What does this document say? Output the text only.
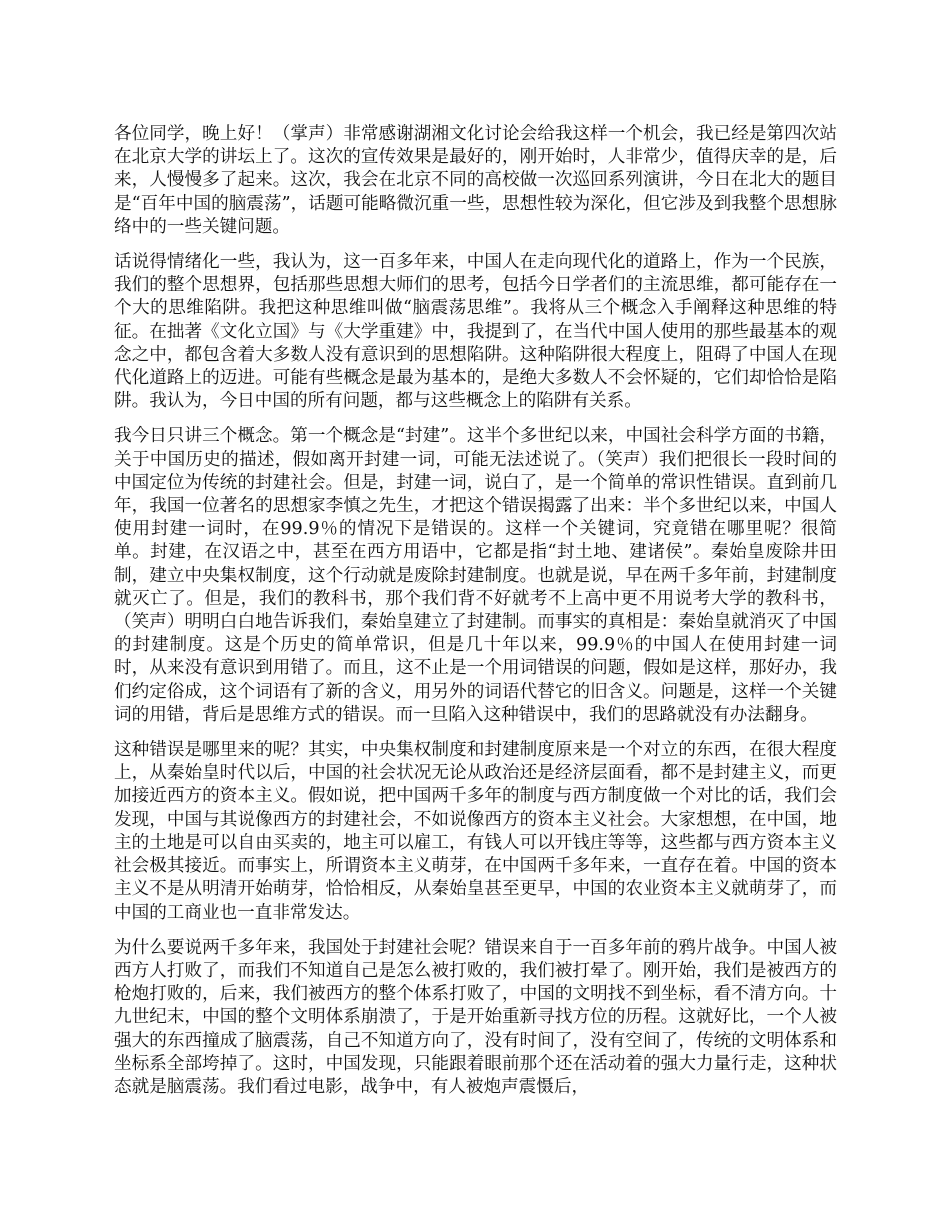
各位同学，晚上好！（掌声）非常感谢湖湘文化讨论会给我这样一个机会，我已经是第四次站在北京大学的讲坛上了。这次的宣传效果是最好的，刚开始时，人非常少，值得庆幸的是，后来，人慢慢多了起来。这次，我会在北京不同的高校做一次巡回系列演讲，今日在北大的题目是“百年中国的脑震荡”，话题可能略微沉重一些，思想性较为深化，但它涉及到我整个思想脉络中的一些关键问题。

话说得情绪化一些，我认为，这一百多年来，中国人在走向现代化的道路上，作为一个民族，我们的整个思想界，包括那些思想大师们的思考，包括今日学者们的主流思维，都可能存在一个大的思维陷阱。我把这种思维叫做“脑震荡思维”。我将从三个概念入手阐释这种思维的特征。在拙著《文化立国》与《大学重建》中，我提到了，在当代中国人使用的那些最基本的观念之中，都包含着大多数人没有意识到的思想陷阱。这种陷阱很大程度上，阻碍了中国人在现代化道路上的迈进。可能有些概念是最为基本的，是绝大多数人不会怀疑的，它们却恰恰是陷阱。我认为，今日中国的所有问题，都与这些概念上的陷阱有关系。

我今日只讲三个概念。第一个概念是“封建”。这半个多世纪以来，中国社会科学方面的书籍，关于中国历史的描述，假如离开封建一词，可能无法述说了。（笑声）我们把很长一段时间的中国定位为传统的封建社会。但是，封建一词，说白了，是一个简单的常识性错误。直到前几年，我国一位著名的思想家李慎之先生，才把这个错误揭露了出来：半个多世纪以来，中国人使用封建一词时，在99.9％的情况下是错误的。这样一个关键词，究竟错在哪里呢？很简单。封建，在汉语之中，甚至在西方用语中，它都是指“封土地、建诸侯”。秦始皇废除井田制，建立中央集权制度，这个行动就是废除封建制度。也就是说，早在两千多年前，封建制度就灭亡了。但是，我们的教科书，那个我们背不好就考不上高中更不用说考大学的教科书，（笑声）明明白白地告诉我们，秦始皇建立了封建制。而事实的真相是：秦始皇就消灭了中国的封建制度。这是个历史的简单常识，但是几十年以来，99.9％的中国人在使用封建一词时，从来没有意识到用错了。而且，这不止是一个用词错误的问题，假如是这样，那好办，我们约定俗成，这个词语有了新的含义，用另外的词语代替它的旧含义。问题是，这样一个关键词的用错，背后是思维方式的错误。而一旦陷入这种错误中，我们的思路就没有办法翻身。

这种错误是哪里来的呢？其实，中央集权制度和封建制度原来是一个对立的东西，在很大程度上，从秦始皇时代以后，中国的社会状况无论从政治还是经济层面看，都不是封建主义，而更加接近西方的资本主义。假如说，把中国两千多年的制度与西方制度做一个对比的话，我们会发现，中国与其说像西方的封建社会，不如说像西方的资本主义社会。大家想想，在中国，地主的土地是可以自由买卖的，地主可以雇工，有钱人可以开钱庄等等，这些都与西方资本主义社会极其接近。而事实上，所谓资本主义萌芽，在中国两千多年来，一直存在着。中国的资本主义不是从明清开始萌芽，恰恰相反，从秦始皇甚至更早，中国的农业资本主义就萌芽了，而中国的工商业也一直非常发达。

为什么要说两千多年来，我国处于封建社会呢？错误来自于一百多年前的鸦片战争。中国人被西方人打败了，而我们不知道自己是怎么被打败的，我们被打晕了。刚开始，我们是被西方的枪炮打败的，后来，我们被西方的整个体系打败了，中国的文明找不到坐标，看不清方向。十九世纪末，中国的整个文明体系崩溃了，于是开始重新寻找方位的历程。这就好比，一个人被强大的东西撞成了脑震荡，自己不知道方向了，没有时间了，没有空间了，传统的文明体系和坐标系全部垮掉了。这时，中国发现，只能跟着眼前那个还在活动着的强大力量行走，这种状态就是脑震荡。我们看过电影，战争中，有人被炮声震慑后，
